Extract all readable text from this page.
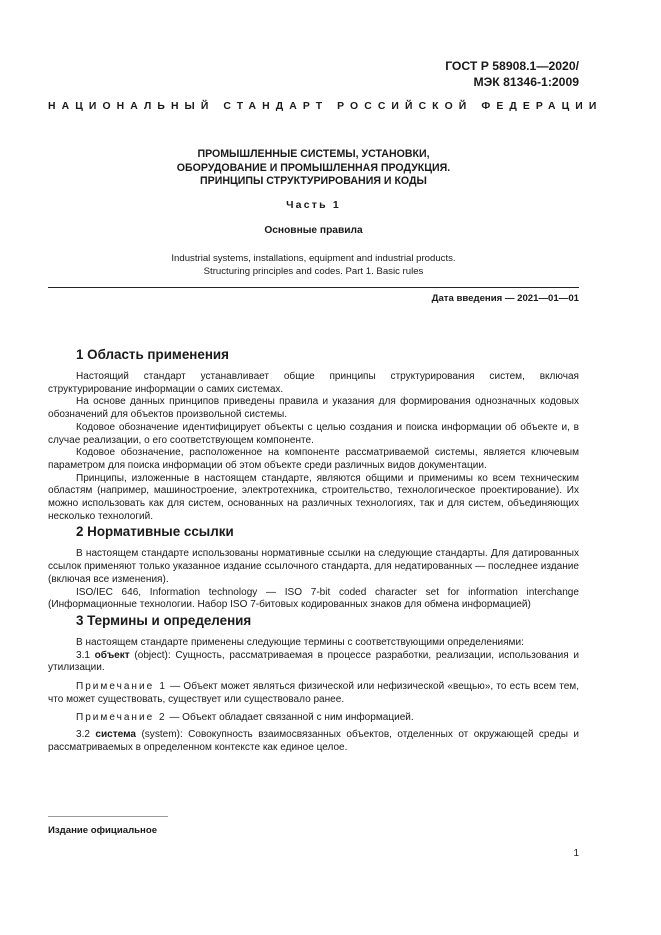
ГОСТ Р 58908.1—2020/
МЭК 81346-1:2009
НАЦИОНАЛЬНЫЙ СТАНДАРТ РОССИЙСКОЙ ФЕДЕРАЦИИ
ПРОМЫШЛЕННЫЕ СИСТЕМЫ, УСТАНОВКИ,
ОБОРУДОВАНИЕ И ПРОМЫШЛЕННАЯ ПРОДУКЦИЯ.
ПРИНЦИПЫ СТРУКТУРИРОВАНИЯ И КОДЫ
Часть 1
Основные правила
Industrial systems, installations, equipment and industrial products.
Structuring principles and codes. Part 1. Basic rules
Дата введения — 2021—01—01
1 Область применения

Настоящий стандарт устанавливает общие принципы структурирования систем, включая структурирование информации о самих системах.

На основе данных принципов приведены правила и указания для формирования однозначных кодовых обозначений для объектов произвольной системы.

Кодовое обозначение идентифицирует объекты с целью создания и поиска информации об объекте и, в случае реализации, о его соответствующем компоненте.

Кодовое обозначение, расположенное на компоненте рассматриваемой системы, является ключевым параметром для поиска информации об этом объекте среди различных видов документации.

Принципы, изложенные в настоящем стандарте, являются общими и применимы ко всем техническим областям (например, машиностроение, электротехника, строительство, технологическое проектирование). Их можно использовать как для систем, основанных на различных технологиях, так и для систем, объединяющих несколько технологий.

2 Нормативные ссылки

В настоящем стандарте использованы нормативные ссылки на следующие стандарты. Для датированных ссылок применяют только указанное издание ссылочного стандарта, для недатированных — последнее издание (включая все изменения).

ISO/IEC 646, Information technology — ISO 7-bit coded character set for information interchange (Информационные технологии. Набор ISO 7-битовых кодированных знаков для обмена информацией)

3 Термины и определения

В настоящем стандарте применены следующие термины с соответствующими определениями:

3.1 объект (object): Сущность, рассматриваемая в процессе разработки, реализации, использования и утилизации.

Примечание 1 — Объект может являться физической или нефизической «вещью», то есть всем тем, что может существовать, существует или существовало ранее.

Примечание 2 — Объект обладает связанной с ним информацией.

3.2 система (system): Совокупность взаимосвязанных объектов, отделенных от окружающей среды и рассматриваемых в определенном контексте как единое целое.

Издание официальное
1
